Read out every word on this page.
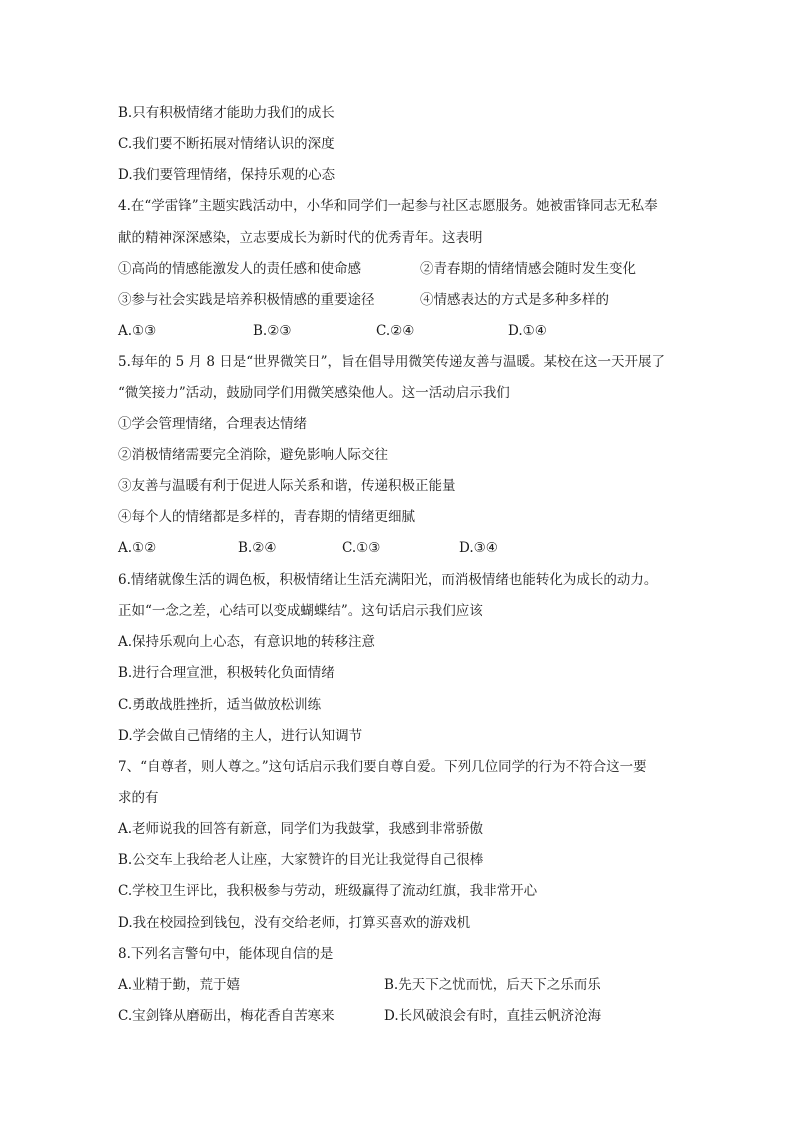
B.只有积极情绪才能助力我们的成长
C.我们要不断拓展对情绪认识的深度
D.我们要管理情绪，保持乐观的心态
4.在“学雷锋”主题实践活动中，小华和同学们一起参与社区志愿服务。她被雷锋同志无私奉
献的精神深深感染，立志要成长为新时代的优秀青年。这表明
①高尚的情感能激发人的责任感和使命感	②青春期的情绪情感会随时发生变化
③参与社会实践是培养积极情感的重要途径	④情感表达的方式是多种多样的
A.①③	B.②③	C.②④	D.①④
5.每年的 5 月 8 日是“世界微笑日”，旨在倡导用微笑传递友善与温暖。某校在这一天开展了
“微笑接力”活动，鼓励同学们用微笑感染他人。这一活动启示我们
①学会管理情绪，合理表达情绪
②消极情绪需要完全消除，避免影响人际交往
③友善与温暖有利于促进人际关系和谐，传递积极正能量
④每个人的情绪都是多样的，青春期的情绪更细腻
A.①②	B.②④	C.①③	D.③④
6.情绪就像生活的调色板，积极情绪让生活充满阳光，而消极情绪也能转化为成长的动力。
正如“一念之差，心结可以变成蝴蝶结”。这句话启示我们应该
A.保持乐观向上心态，有意识地的转移注意
B.进行合理宣泄，积极转化负面情绪
C.勇敢战胜挫折，适当做放松训练
D.学会做自己情绪的主人，进行认知调节
7、“自尊者，则人尊之。”这句话启示我们要自尊自爱。下列几位同学的行为不符合这一要
求的有
A.老师说我的回答有新意，同学们为我鼓掌，我感到非常骄傲
B.公交车上我给老人让座，大家赞许的目光让我觉得自己很棒
C.学校卫生评比，我积极参与劳动，班级赢得了流动红旗，我非常开心
D.我在校园捡到钱包，没有交给老师，打算买喜欢的游戏机
8.下列名言警句中，能体现自信的是
A.业精于勤，荒于嬉	B.先天下之忧而忧，后天下之乐而乐
C.宝剑锋从磨砺出，梅花香自苦寒来	D.长风破浪会有时，直挂云帆济沧海
